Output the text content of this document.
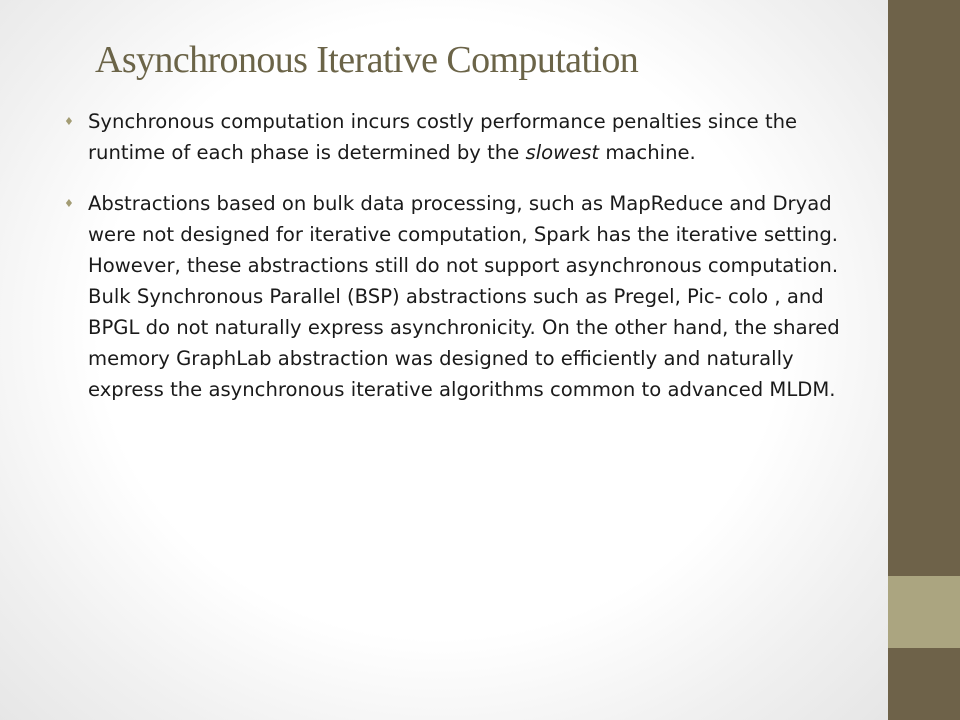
Asynchronous Iterative Computation
♦ Synchronous computation incurs costly performance penalties since the runtime of each phase is determined by the slowest machine.
♦ Abstractions based on bulk data processing, such as MapReduce and Dryad were not designed for iterative computation, Spark has the iterative setting. However, these abstractions still do not support asynchronous computation. Bulk Synchronous Parallel (BSP) abstractions such as Pregel, Pic- colo , and BPGL do not naturally express asynchronicity. On the other hand, the shared memory GraphLab abstraction was designed to efficiently and naturally express the asynchronous iterative algorithms common to advanced MLDM.
